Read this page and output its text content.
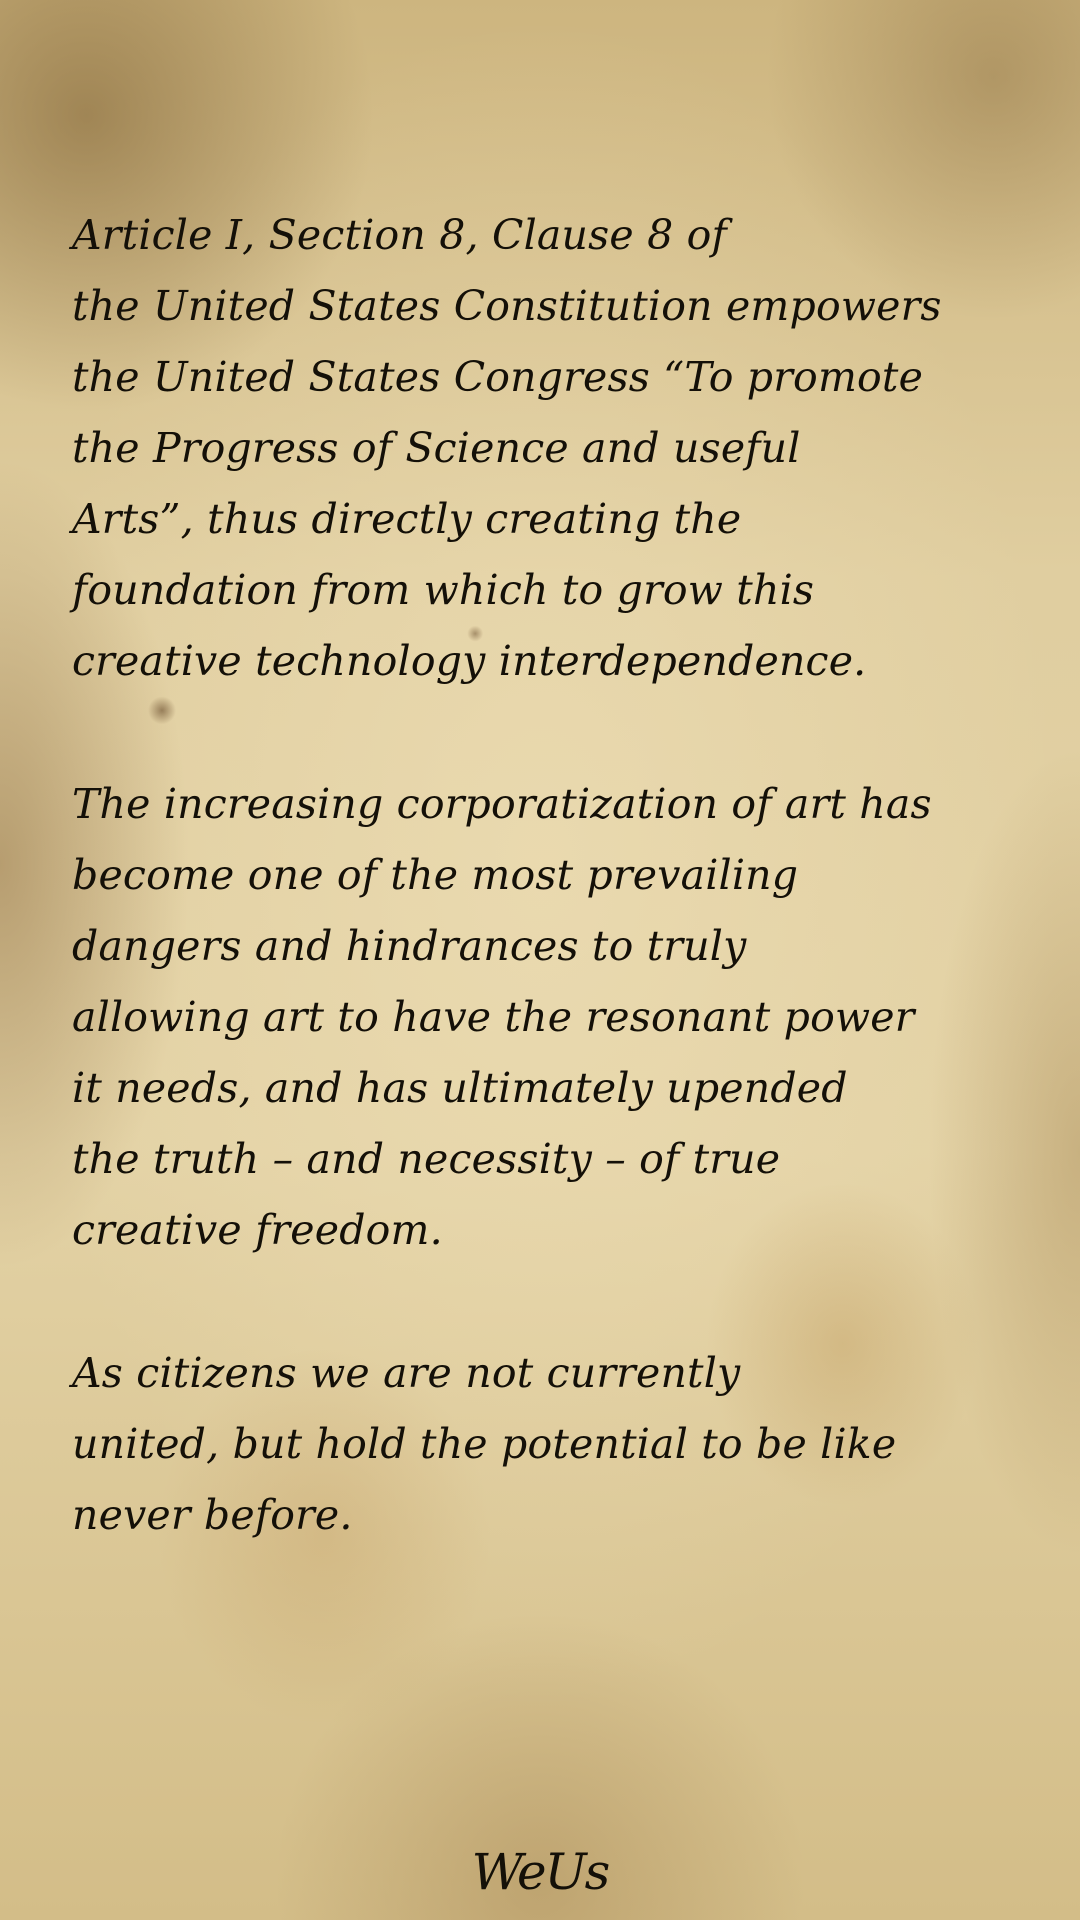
Article I, Section 8, Clause 8 of
the United States Constitution empowers
the United States Congress “To promote
the Progress of Science and useful
Arts”, thus directly creating the
foundation from which to grow this
creative technology interdependence.

The increasing corporatization of art has
become one of the most prevailing
dangers and hindrances to truly
allowing art to have the resonant power
it needs, and has ultimately upended
the truth – and necessity – of true
creative freedom.

As citizens we are not currently
united, but hold the potential to be like
never before.

WeUs
